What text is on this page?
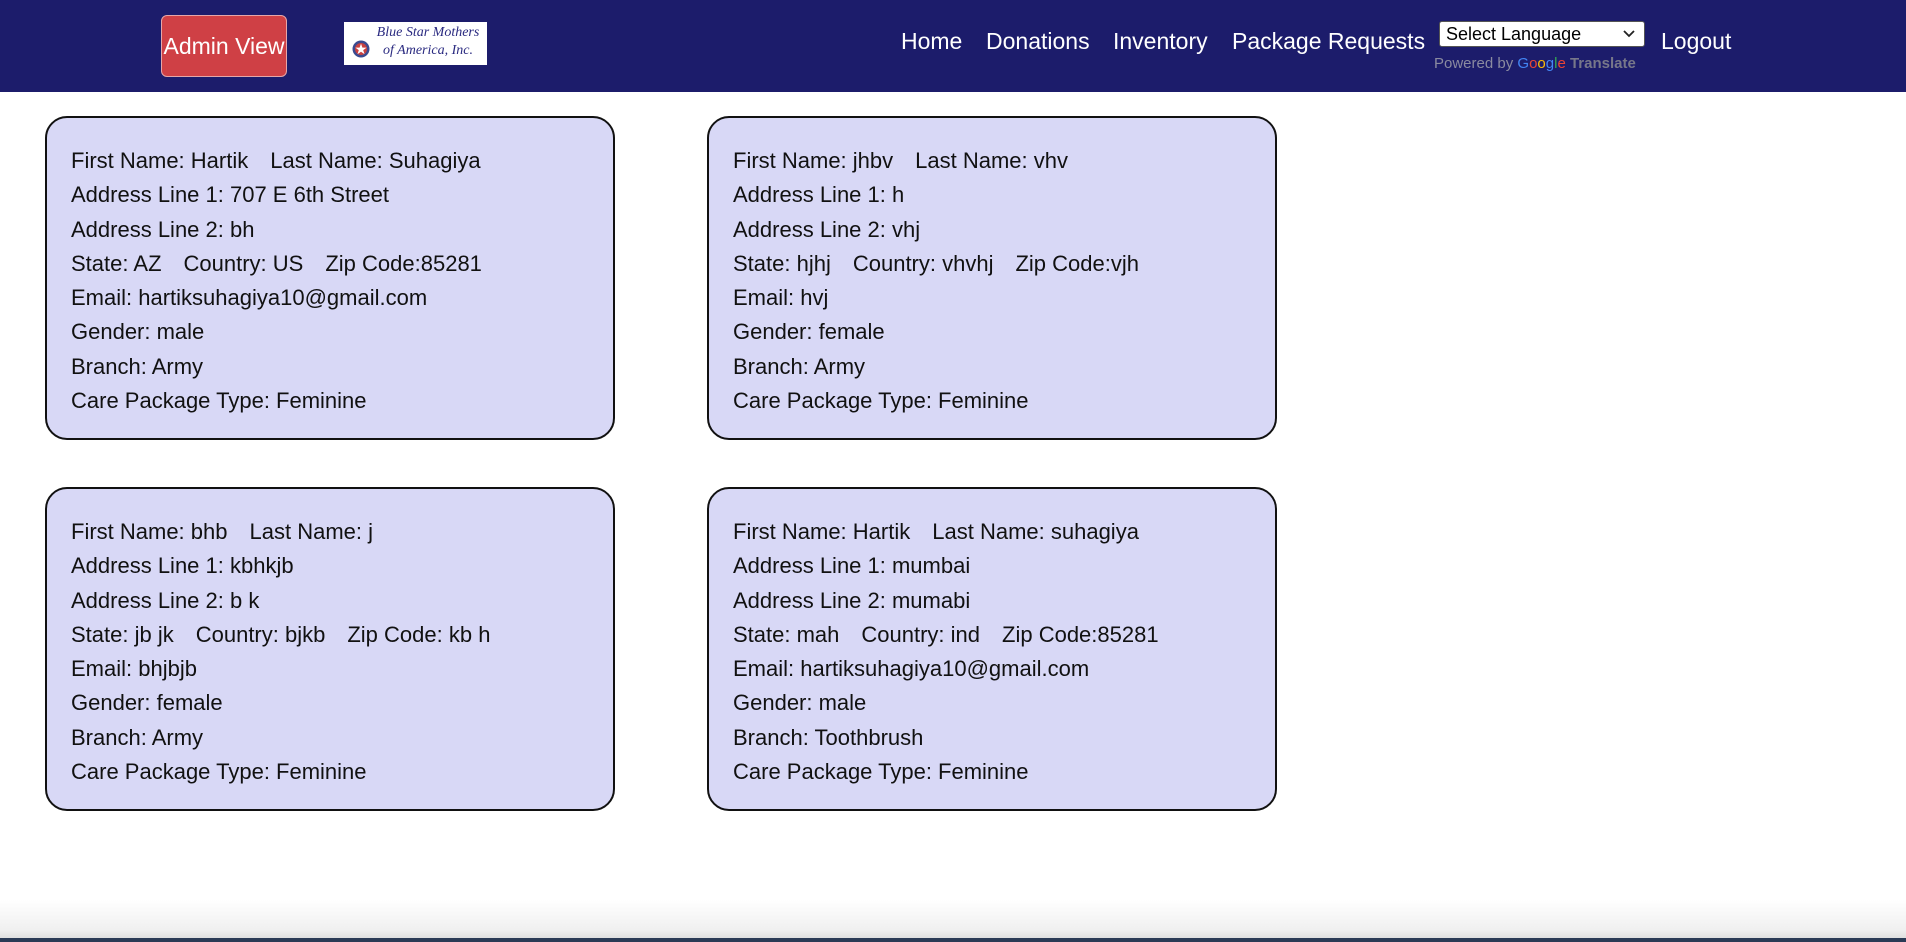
Admin View	Blue Star Mothers
of America, Inc.	Home Donations Inventory Package Requests Select Language
Powered by Google Translate
Logout
First Name: Hartik Last Name: Suhagiya
Address Line 1: 707 E 6th Street
Address Line 2: bh
State: AZ Country: US Zip Code:85281
Email: hartiksuhagiya10@gmail.com
Gender: male
Branch: Army
Care Package Type: Feminine
First Name: jhbv Last Name: vhv
Address Line 1: h
Address Line 2: vhj
State: hjhj Country: vhvhj Zip Code:vjh
Email: hvj
Gender: female
Branch: Army
Care Package Type: Feminine
First Name: bhb Last Name: j
Address Line 1: kbhkjb
Address Line 2: b k
State: jb jk Country: bjkb Zip Code: kb h
Email: bhjbjb
Gender: female
Branch: Army
Care Package Type: Feminine
First Name: Hartik Last Name: suhagiya
Address Line 1: mumbai
Address Line 2: mumabi
State: mah Country: ind Zip Code:85281
Email: hartiksuhagiya10@gmail.com
Gender: male
Branch: Toothbrush
Care Package Type: Feminine
